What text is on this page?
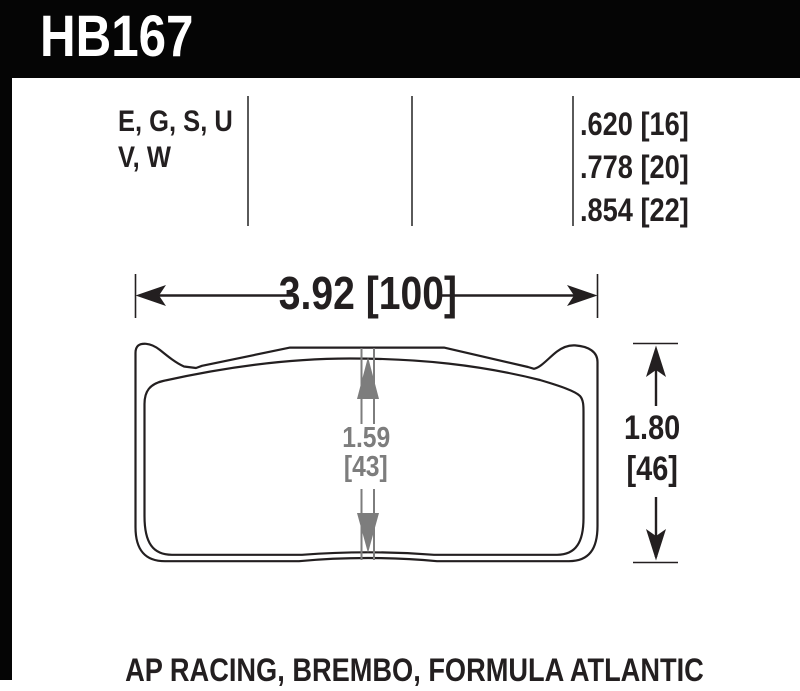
HB167
E, G, S, U
V, W
.620 [16]
.778 [20]
.854 [22]
3.92 [100]
1.80
[46]
1.59
[43]
AP RACING, BREMBO, FORMULA ATLANTIC
